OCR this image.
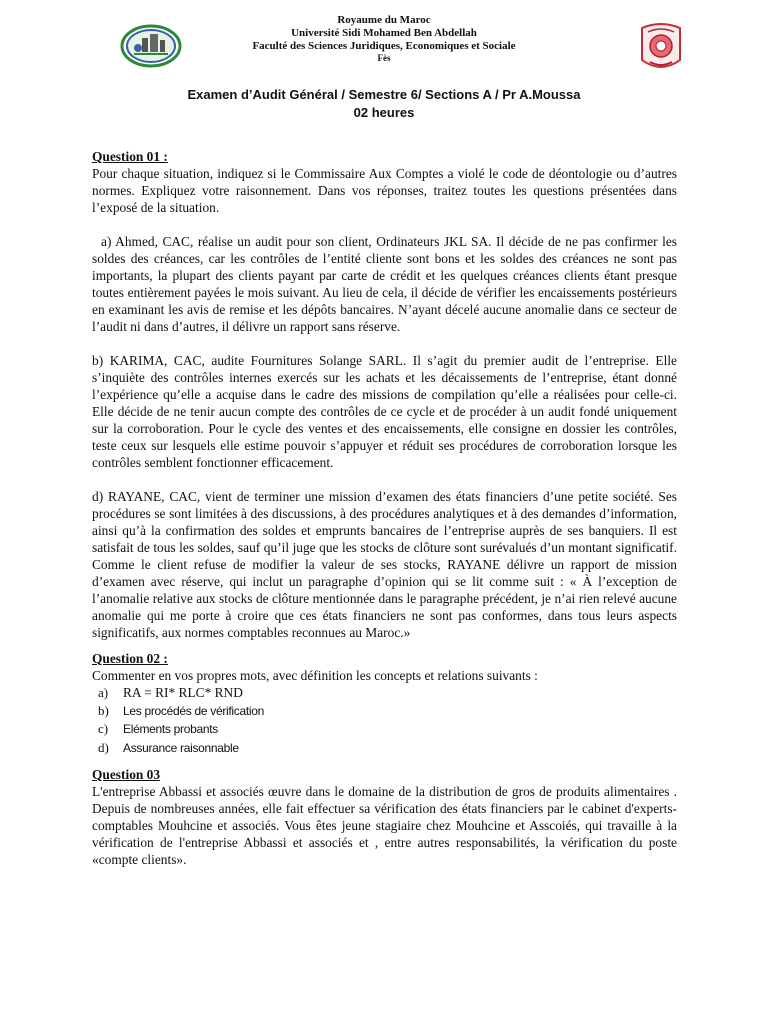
Royaume du Maroc
Université Sidi Mohamed Ben Abdellah
Faculté des Sciences Juridiques, Economiques et Sociale
Fès
Examen d’Audit Général / Semestre 6/ Sections A / Pr A.Moussa
02 heures
Question 01 :

Pour chaque situation, indiquez si le Commissaire Aux Comptes a violé le code de déontologie ou d’autres normes. Expliquez votre raisonnement. Dans vos réponses, traitez toutes les questions présentées dans l’exposé de la situation.

a) Ahmed, CAC, réalise un audit pour son client, Ordinateurs JKL SA. Il décide de ne pas confirmer les soldes des créances, car les contrôles de l’entité cliente sont bons et les soldes des créances ne sont pas importants, la plupart des clients payant par carte de crédit et les quelques créances clients étant presque toutes entièrement payées le mois suivant. Au lieu de cela, il décide de vérifier les encaissements postérieurs en examinant les avis de remise et les dépôts bancaires. N’ayant décelé aucune anomalie dans ce secteur de l’audit ni dans d’autres, il délivre un rapport sans réserve.

b) KARIMA, CAC, audite Fournitures Solange SARL. Il s’agit du premier audit de l’entreprise. Elle s’inquiète des contrôles internes exercés sur les achats et les décaissements de l’entreprise, étant donné l’expérience qu’elle a acquise dans le cadre des missions de compilation qu’elle a réalisées pour celle-ci. Elle décide de ne tenir aucun compte des contrôles de ce cycle et de procéder à un audit fondé uniquement sur la corroboration. Pour le cycle des ventes et des encaissements, elle consigne en dossier les contrôles, teste ceux sur lesquels elle estime pouvoir s’appuyer et réduit ses procédures de corroboration lorsque les contrôles semblent fonctionner efficacement.

d) RAYANE, CAC, vient de terminer une mission d’examen des états financiers d’une petite société. Ses procédures se sont limitées à des discussions, à des procédures analytiques et à des demandes d’information, ainsi qu’à la confirmation des soldes et emprunts bancaires de l’entreprise auprès de ses banquiers. Il est satisfait de tous les soldes, sauf qu’il juge que les stocks de clôture sont surévalués d’un montant significatif. Comme le client refuse de modifier la valeur de ses stocks, RAYANE délivre un rapport de mission d’examen avec réserve, qui inclut un paragraphe d’opinion qui se lit comme suit : « À l’exception de l’anomalie relative aux stocks de clôture mentionnée dans le paragraphe précédent, je n’ai rien relevé aucune anomalie qui me porte à croire que ces états financiers ne sont pas conformes, dans tous leurs aspects significatifs, aux normes comptables reconnues au Maroc.»

Question 02 :

Commenter en vos propres mots, avec définition les concepts et relations suivants :

a) RA = RI* RLC* RND
b) Les procédés de vérification
c) Eléments probants
d) Assurance raisonnable
Question 03

L'entreprise Abbassi et associés œuvre dans le domaine de la distribution de gros de produits alimentaires . Depuis de nombreuses années, elle fait effectuer sa vérification des états financiers par le cabinet d'experts-comptables Mouhcine et associés. Vous êtes jeune stagiaire chez Mouhcine et Asscoiés, qui travaille à la vérification de l'entreprise Abbassi et associés et , entre autres responsabilités, la vérification du poste «compte clients».
